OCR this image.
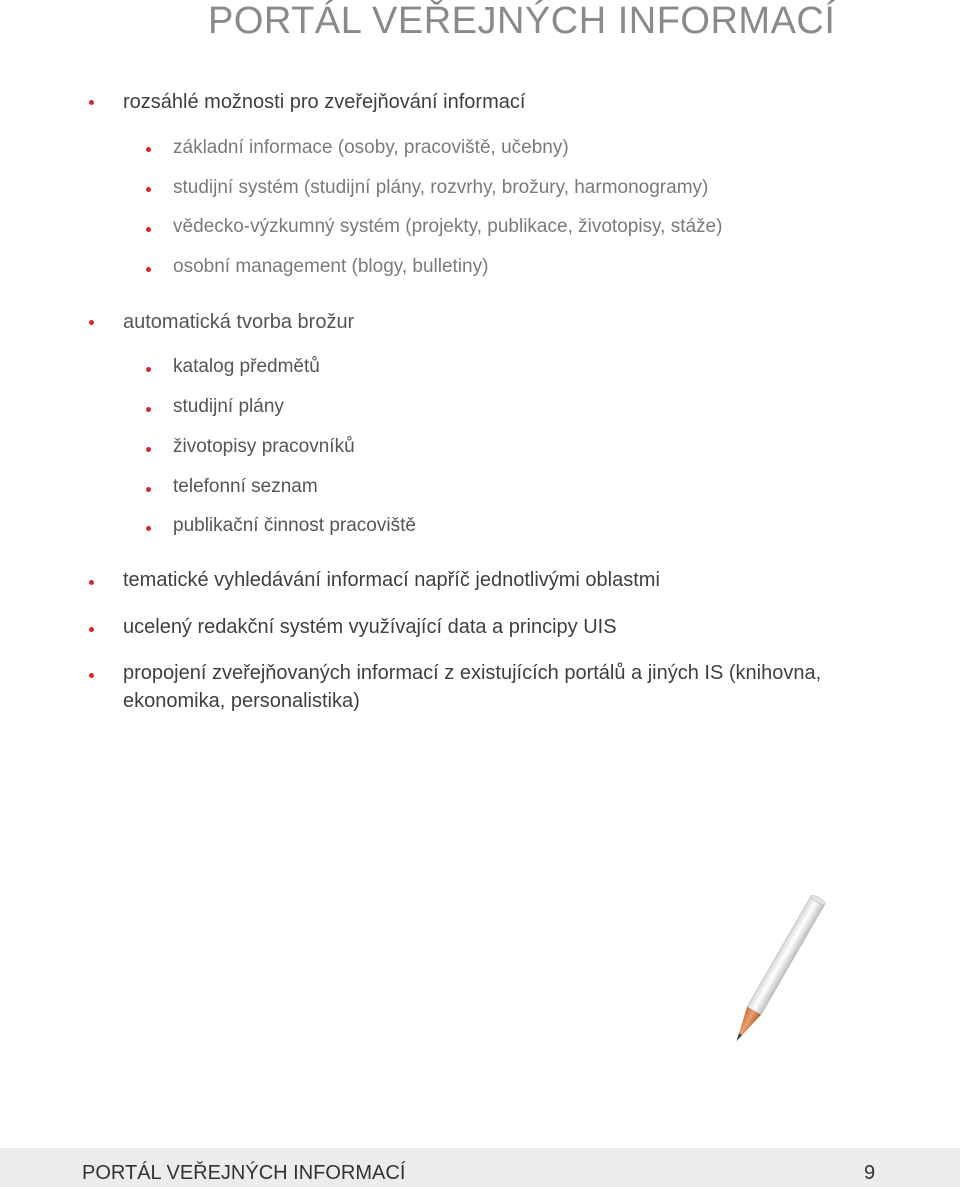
PORTÁL VEŘEJNÝCH INFORMACÍ
rozsáhlé možnosti pro zveřejňování informací
základní informace (osoby, pracoviště, učebny)
studijní systém (studijní plány, rozvrhy, brožury, harmonogramy)
vědecko-výzkumný systém (projekty, publikace, životopisy, stáže)
osobní management (blogy, bulletiny)
automatická tvorba brožur
katalog předmětů
studijní plány
životopisy pracovníků
telefonní seznam
publikační činnost pracoviště
tematické vyhledávání informací napříč jednotlivými oblastmi
ucelený redakční systém využívající data a principy UIS
propojení zveřejňovaných informací z existujících portálů a jiných IS (knihovna,
ekonomika, personalistika)
PORTÁL VEŘEJNÝCH INFORMACÍ	9
